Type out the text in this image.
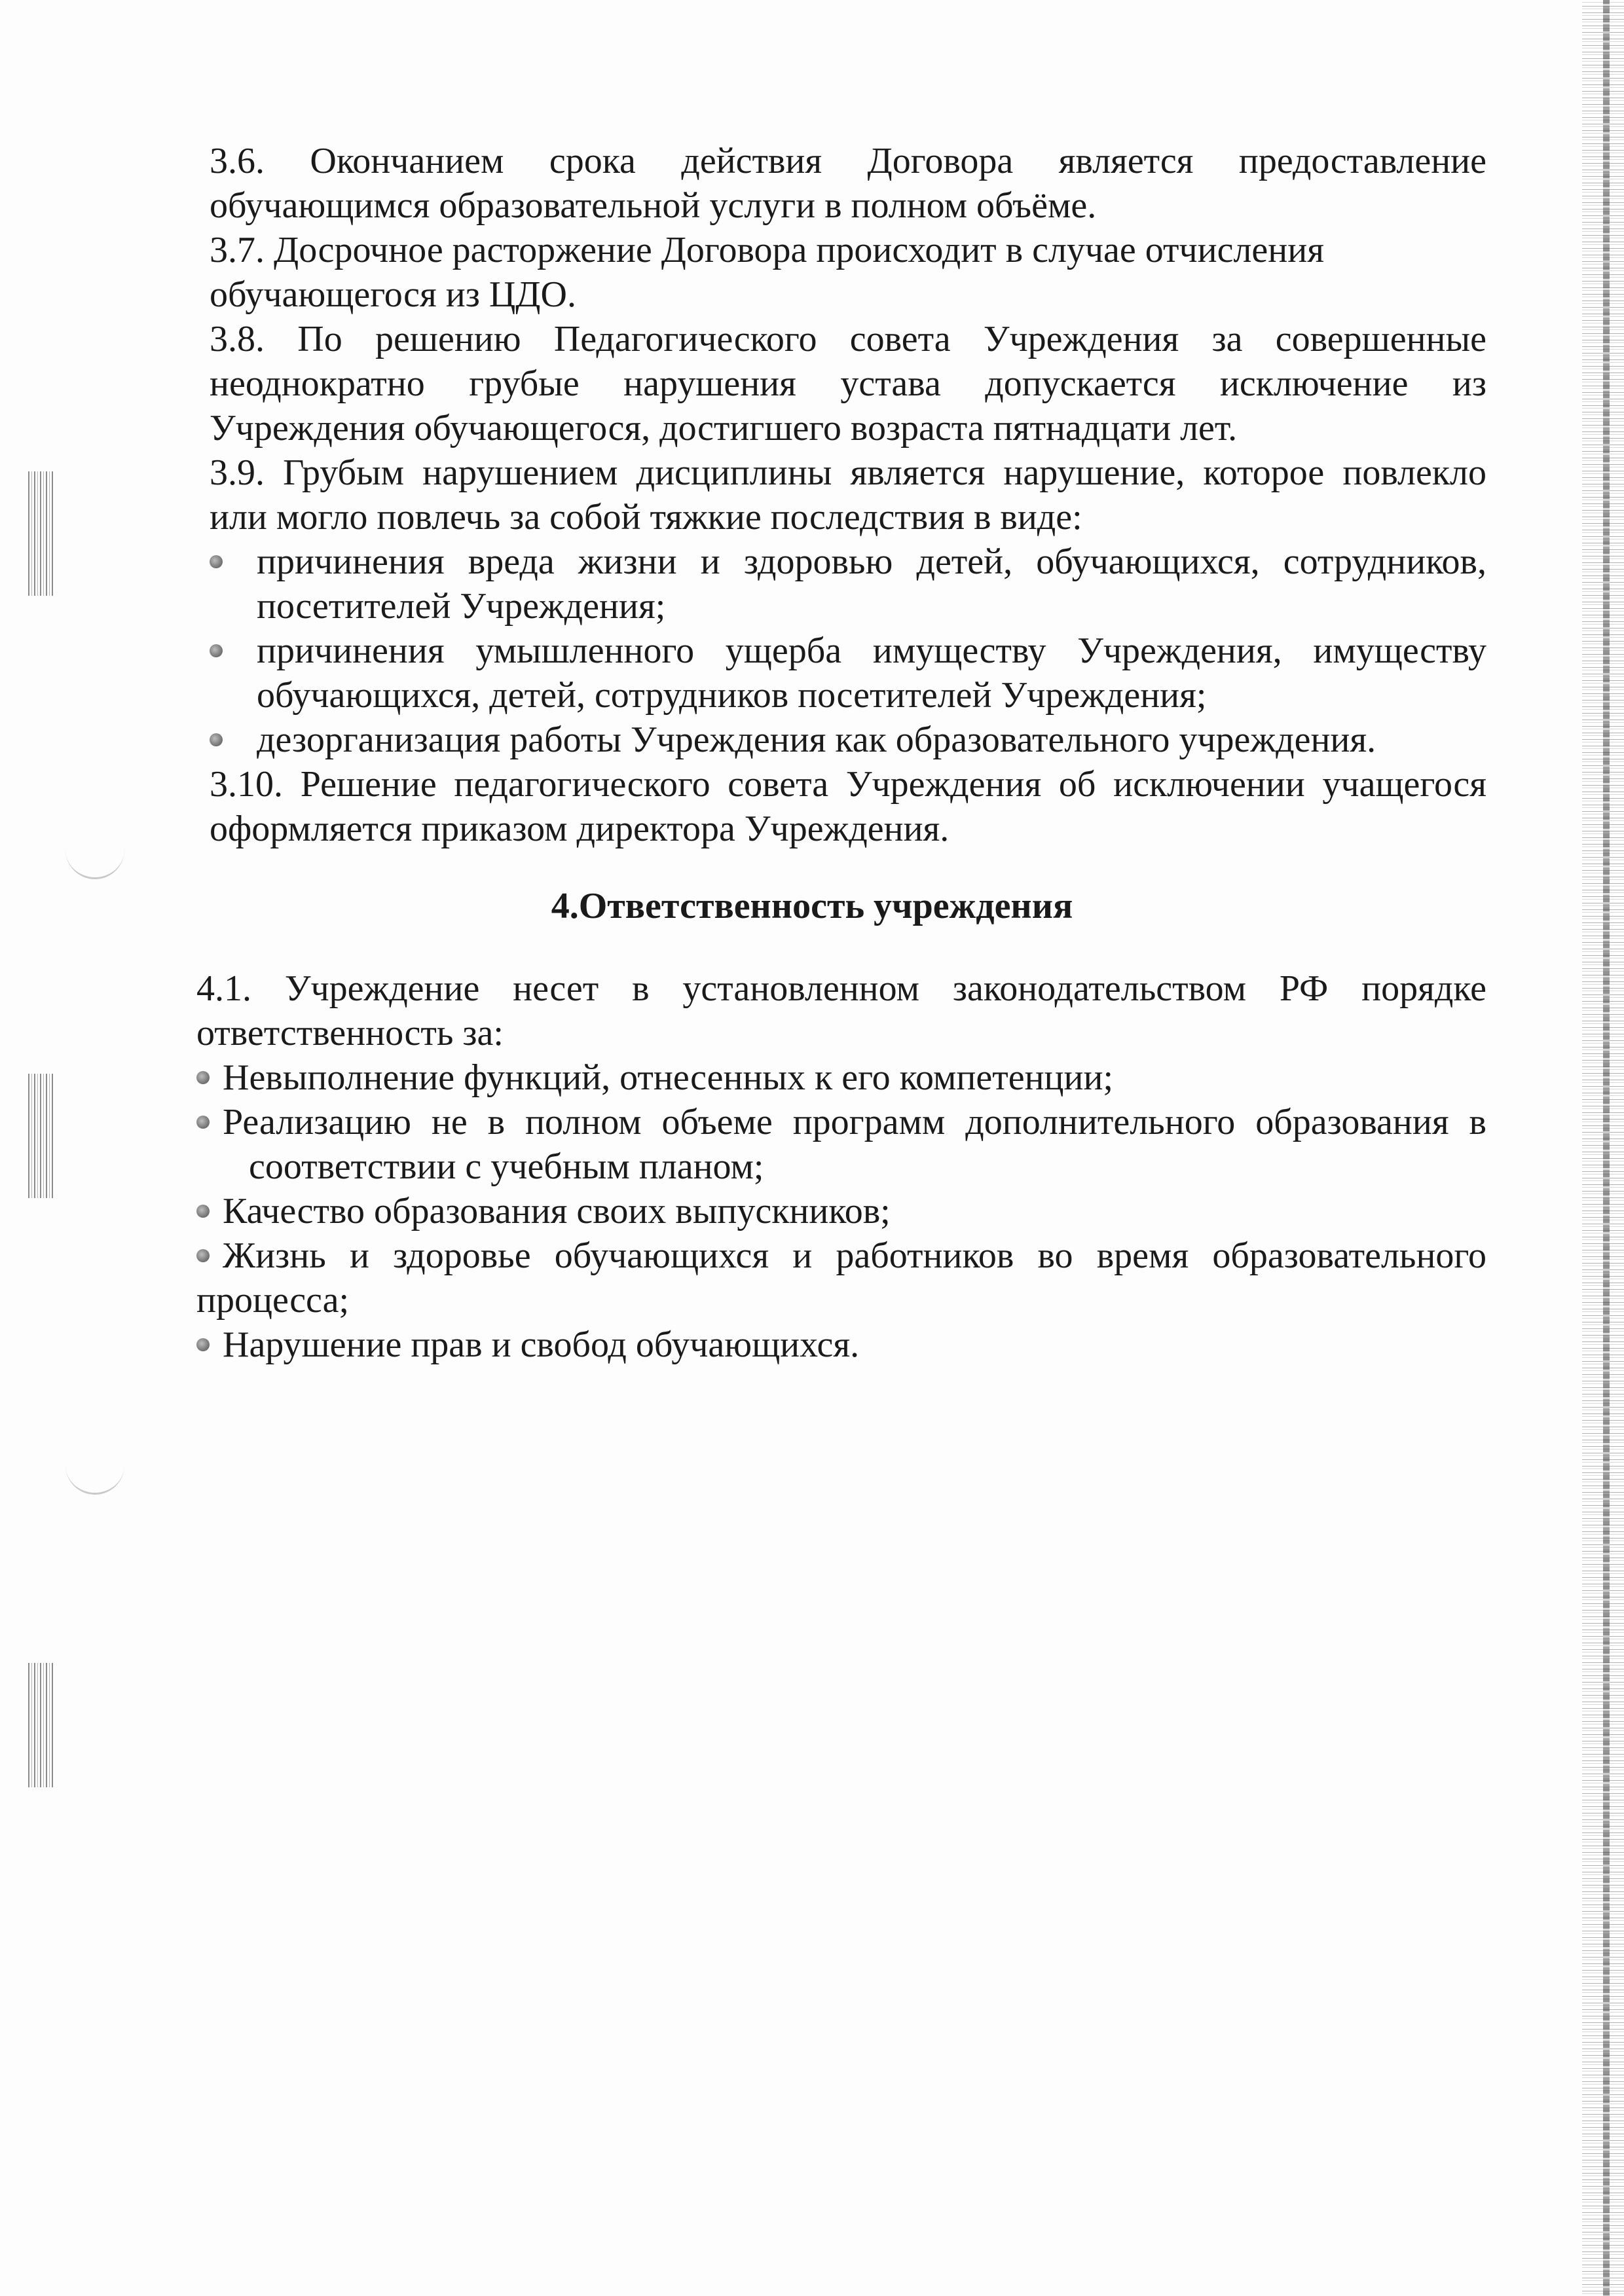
3.6. Окончанием срока действия Договора является предоставление
обучающимся образовательной услуги в полном объёме.
3.7. Досрочное расторжение Договора происходит в случае отчисления
обучающегося из ЦДО.
3.8. По решению Педагогического совета Учреждения за совершенные
неоднократно грубые нарушения устава допускается исключение из
Учреждения обучающегося, достигшего возраста пятнадцати лет.
3.9. Грубым нарушением дисциплины является нарушение, которое повлекло
или могло повлечь за собой тяжкие последствия в виде:
причинения вреда жизни и здоровью детей, обучающихся, сотрудников,
посетителей Учреждения;
причинения умышленного ущерба имуществу Учреждения, имуществу
обучающихся, детей, сотрудников посетителей Учреждения;
дезорганизация работы Учреждения как образовательного учреждения.
3.10. Решение педагогического совета Учреждения об исключении учащегося
оформляется приказом директора Учреждения.
4.Ответственность учреждения
4.1. Учреждение несет в установленном законодательством РФ порядке
ответственность за:
Невыполнение функций, отнесенных к его компетенции;
Реализацию не в полном объеме программ дополнительного образования в
соответствии с учебным планом;
Качество образования своих выпускников;
Жизнь и здоровье обучающихся и работников во время образовательного
процесса;
Нарушение прав и свобод обучающихся.
